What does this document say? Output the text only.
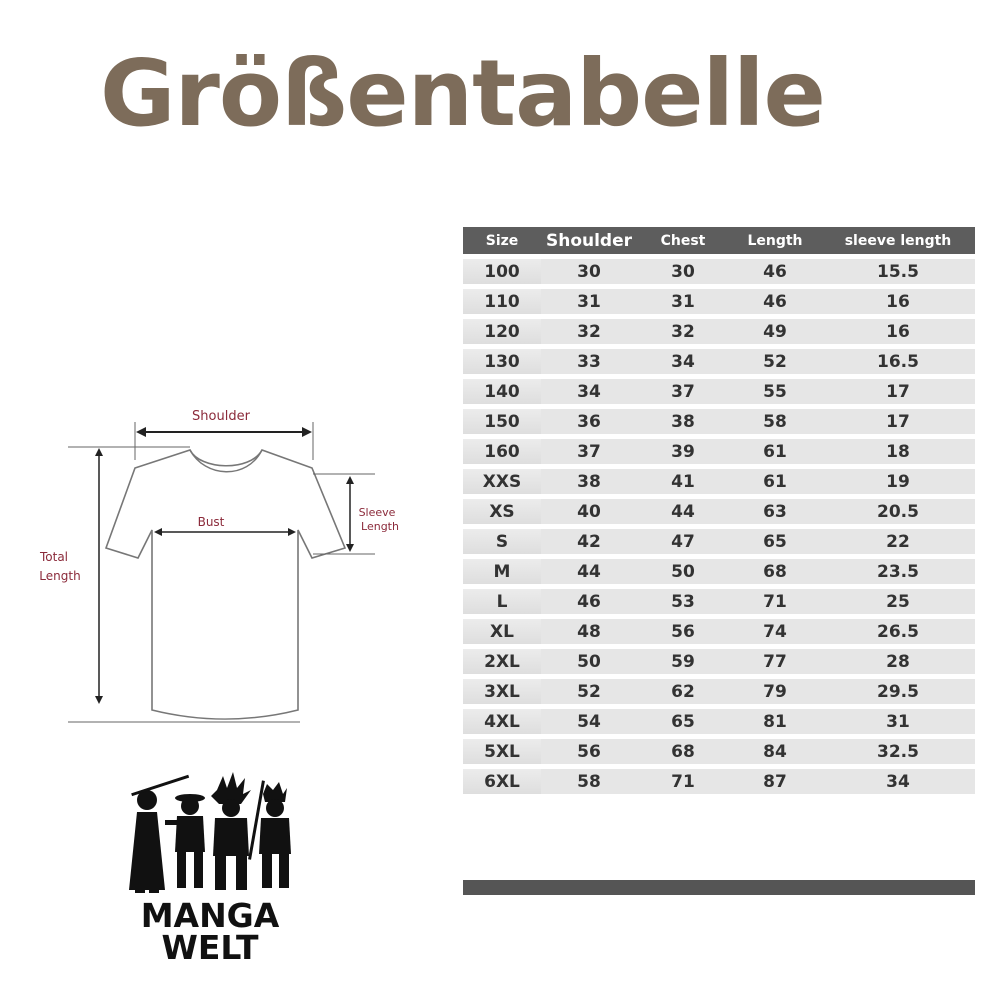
Größentabelle
Shoulder
Bust
Sleeve
Length
Total
Length
MANGA
WELT
Size	Shoulder	Chest	Length	sleeve length
100	30	30	46	15.5
110	31	31	46	16
120	32	32	49	16
130	33	34	52	16.5
140	34	37	55	17
150	36	38	58	17
160	37	39	61	18
XXS	38	41	61	19
XS	40	44	63	20.5
S	42	47	65	22
M	44	50	68	23.5
L	46	53	71	25
XL	48	56	74	26.5
2XL	50	59	77	28
3XL	52	62	79	29.5
4XL	54	65	81	31
5XL	56	68	84	32.5
6XL	58	71	87	34
